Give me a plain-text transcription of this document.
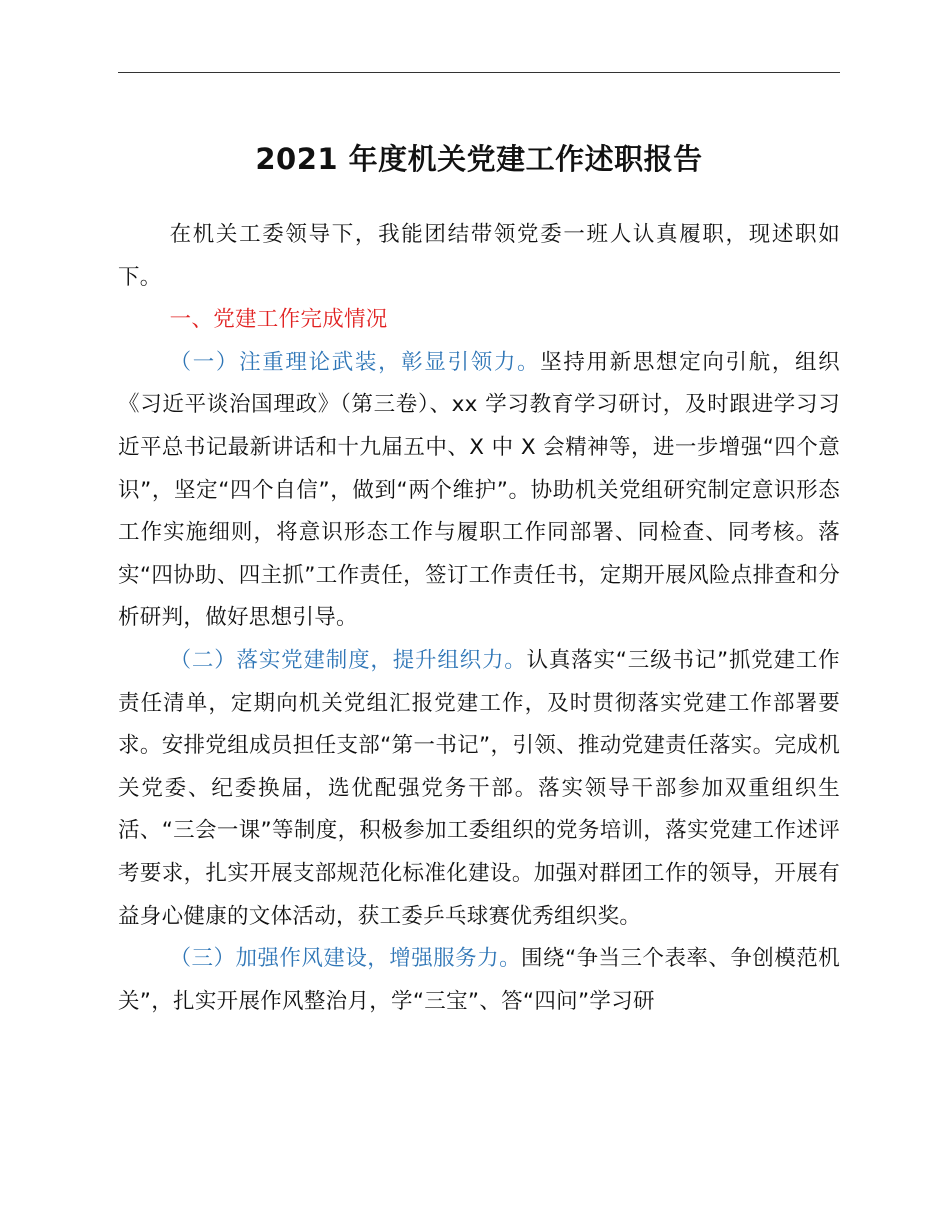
2021 年度机关党建工作述职报告

在机关工委领导下，我能团结带领党委一班人认真履职，现述职如下。

一、党建工作完成情况

（一）注重理论武装，彰显引领力。坚持用新思想定向引航，组织《习近平谈治国理政》（第三卷）、xx 学习教育学习研讨，及时跟进学习习近平总书记最新讲话和十九届五中、X 中 X 会精神等，进一步增强“四个意识”，坚定“四个自信”，做到“两个维护”。协助机关党组研究制定意识形态工作实施细则，将意识形态工作与履职工作同部署、同检查、同考核。落实“四协助、四主抓”工作责任，签订工作责任书，定期开展风险点排查和分析研判，做好思想引导。

（二）落实党建制度，提升组织力。认真落实“三级书记”抓党建工作责任清单，定期向机关党组汇报党建工作，及时贯彻落实党建工作部署要求。安排党组成员担任支部“第一书记”，引领、推动党建责任落实。完成机关党委、纪委换届，选优配强党务干部。落实领导干部参加双重组织生活、“三会一课”等制度，积极参加工委组织的党务培训，落实党建工作述评考要求，扎实开展支部规范化标准化建设。加强对群团工作的领导，开展有益身心健康的文体活动，获工委乒乓球赛优秀组织奖。

（三）加强作风建设，增强服务力。围绕“争当三个表率、争创模范机关”，扎实开展作风整治月，学“三宝”、答“四问”学习研
